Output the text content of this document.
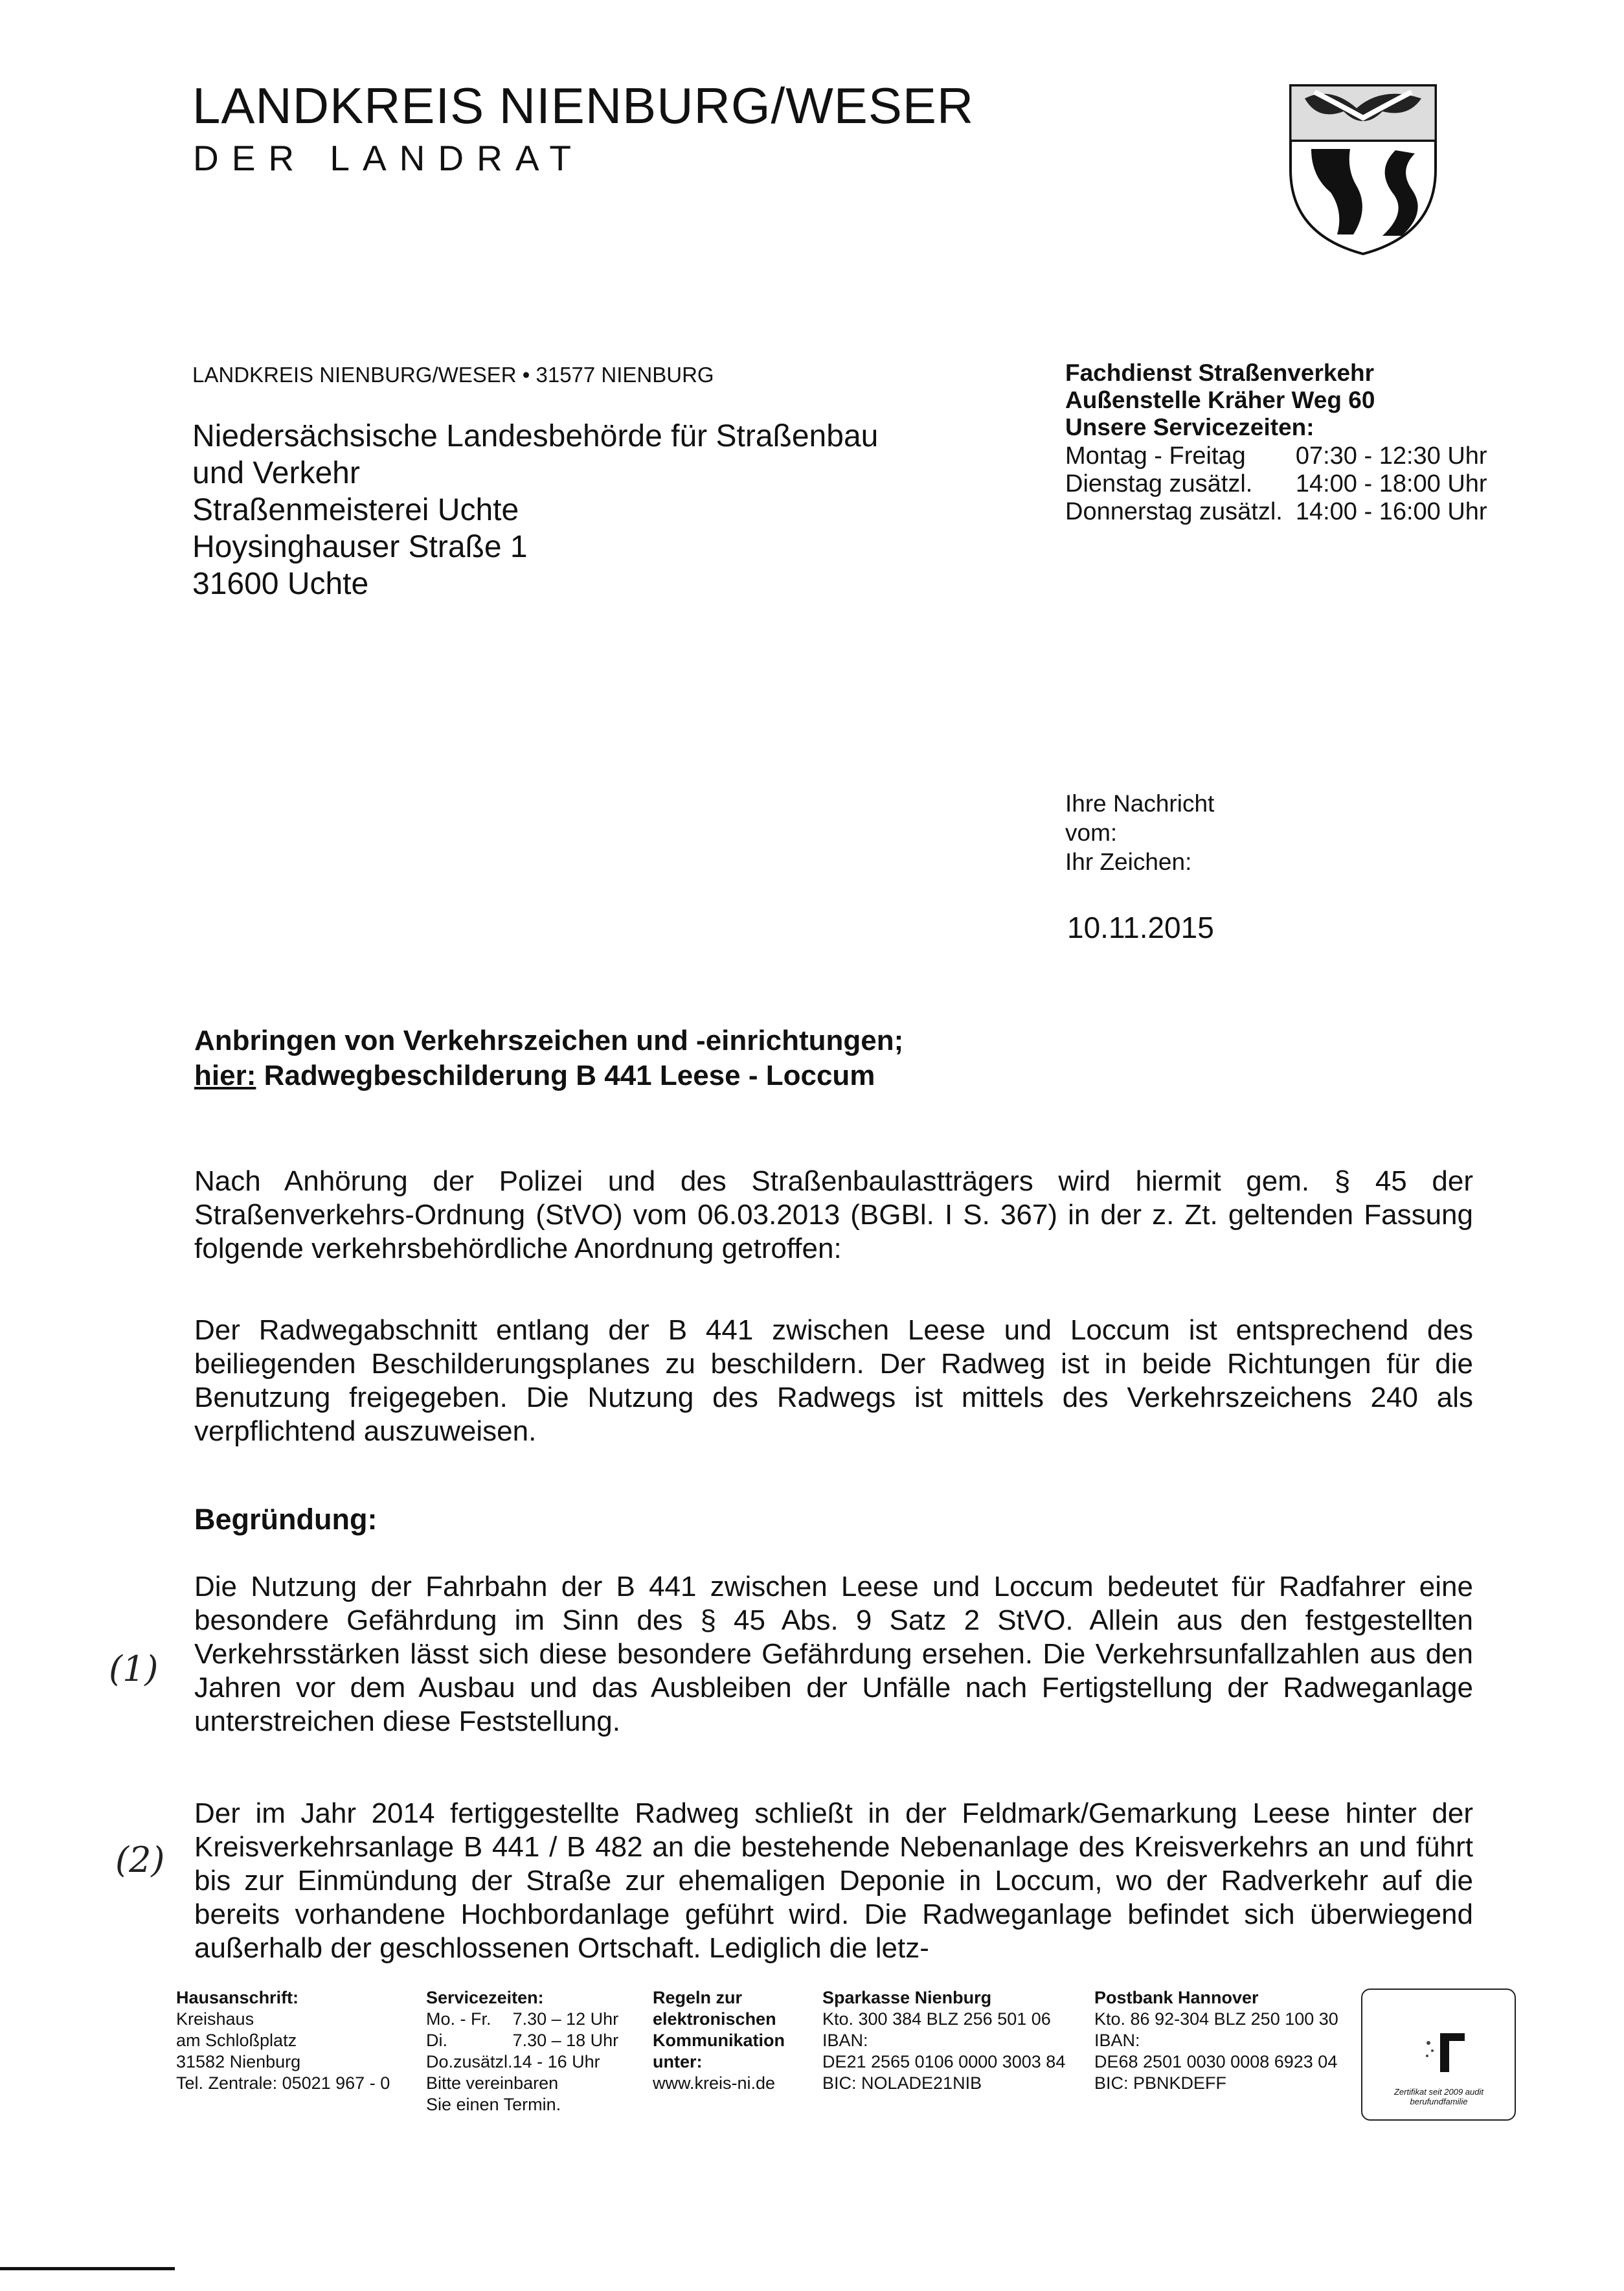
LANDKREIS NIENBURG/WESER
DER LANDRAT
LANDKREIS NIENBURG/WESER • 31577 NIENBURG
Niedersächsische Landesbehörde für Straßenbau
und Verkehr
Straßenmeisterei Uchte
Hoysinghauser Straße 1
31600 Uchte
Fachdienst Straßenverkehr
Außenstelle Kräher Weg 60
Unsere Servicezeiten:
Montag - Freitag	07:30 - 12:30 Uhr
Dienstag zusätzl.	14:00 - 18:00 Uhr
Donnerstag zusätzl.	14:00 - 16:00 Uhr
Ihre Nachricht
vom:
Ihr Zeichen:
10.11.2015
Anbringen von Verkehrszeichen und -einrichtungen;
hier: Radwegbeschilderung B 441 Leese - Loccum
Nach Anhörung der Polizei und des Straßenbaulastträgers wird hiermit gem. § 45 der Straßenverkehrs-Ordnung (StVO) vom 06.03.2013 (BGBl. I S. 367) in der z. Zt. geltenden Fassung folgende verkehrsbehördliche Anordnung getroffen:
Der Radwegabschnitt entlang der B 441 zwischen Leese und Loccum ist entsprechend des beiliegenden Beschilderungsplanes zu beschildern. Der Radweg ist in beide Richtungen für die Benutzung freigegeben. Die Nutzung des Radwegs ist mittels des Verkehrszeichens 240 als verpflichtend auszuweisen.
Begründung:
Die Nutzung der Fahrbahn der B 441 zwischen Leese und Loccum bedeutet für Radfahrer eine besondere Gefährdung im Sinn des § 45 Abs. 9 Satz 2 StVO. Allein aus den festgestellten Verkehrsstärken lässt sich diese besondere Gefährdung ersehen. Die Verkehrsunfallzahlen aus den Jahren vor dem Ausbau und das Ausbleiben der Unfälle nach Fertigstellung der Radweganlage unterstreichen diese Feststellung.
Der im Jahr 2014 fertiggestellte Radweg schließt in der Feldmark/Gemarkung Leese hinter der Kreisverkehrsanlage B 441 / B 482 an die bestehende Nebenanlage des Kreisverkehrs an und führt bis zur Einmündung der Straße zur ehemaligen Deponie in Loccum, wo der Radverkehr auf die bereits vorhandene Hochbordanlage geführt wird. Die Radweganlage befindet sich überwiegend außerhalb der geschlossenen Ortschaft. Lediglich die letz-
(1)
(2)
Hausanschrift:
Kreishaus
am Schloßplatz
31582 Nienburg
Tel. Zentrale: 05021 967 - 0
Servicezeiten:
Mo. - Fr.	7.30 – 12 Uhr
Di.	7.30 – 18 Uhr
Do.zusätzl.	14 - 16 Uhr
Bitte vereinbaren
Sie einen Termin.
Regeln zur
elektronischen
Kommunikation
unter:
www.kreis-ni.de
Sparkasse Nienburg
Kto. 300 384 BLZ 256 501 06
IBAN:
DE21 2565 0106 0000 3003 84
BIC: NOLADE21NIB
Postbank Hannover
Kto. 86 92-304 BLZ 250 100 30
IBAN:
DE68 2501 0030 0008 6923 04
BIC: PBNKDEFF	Zertifikat seit 2009 audit berufundfamilie
